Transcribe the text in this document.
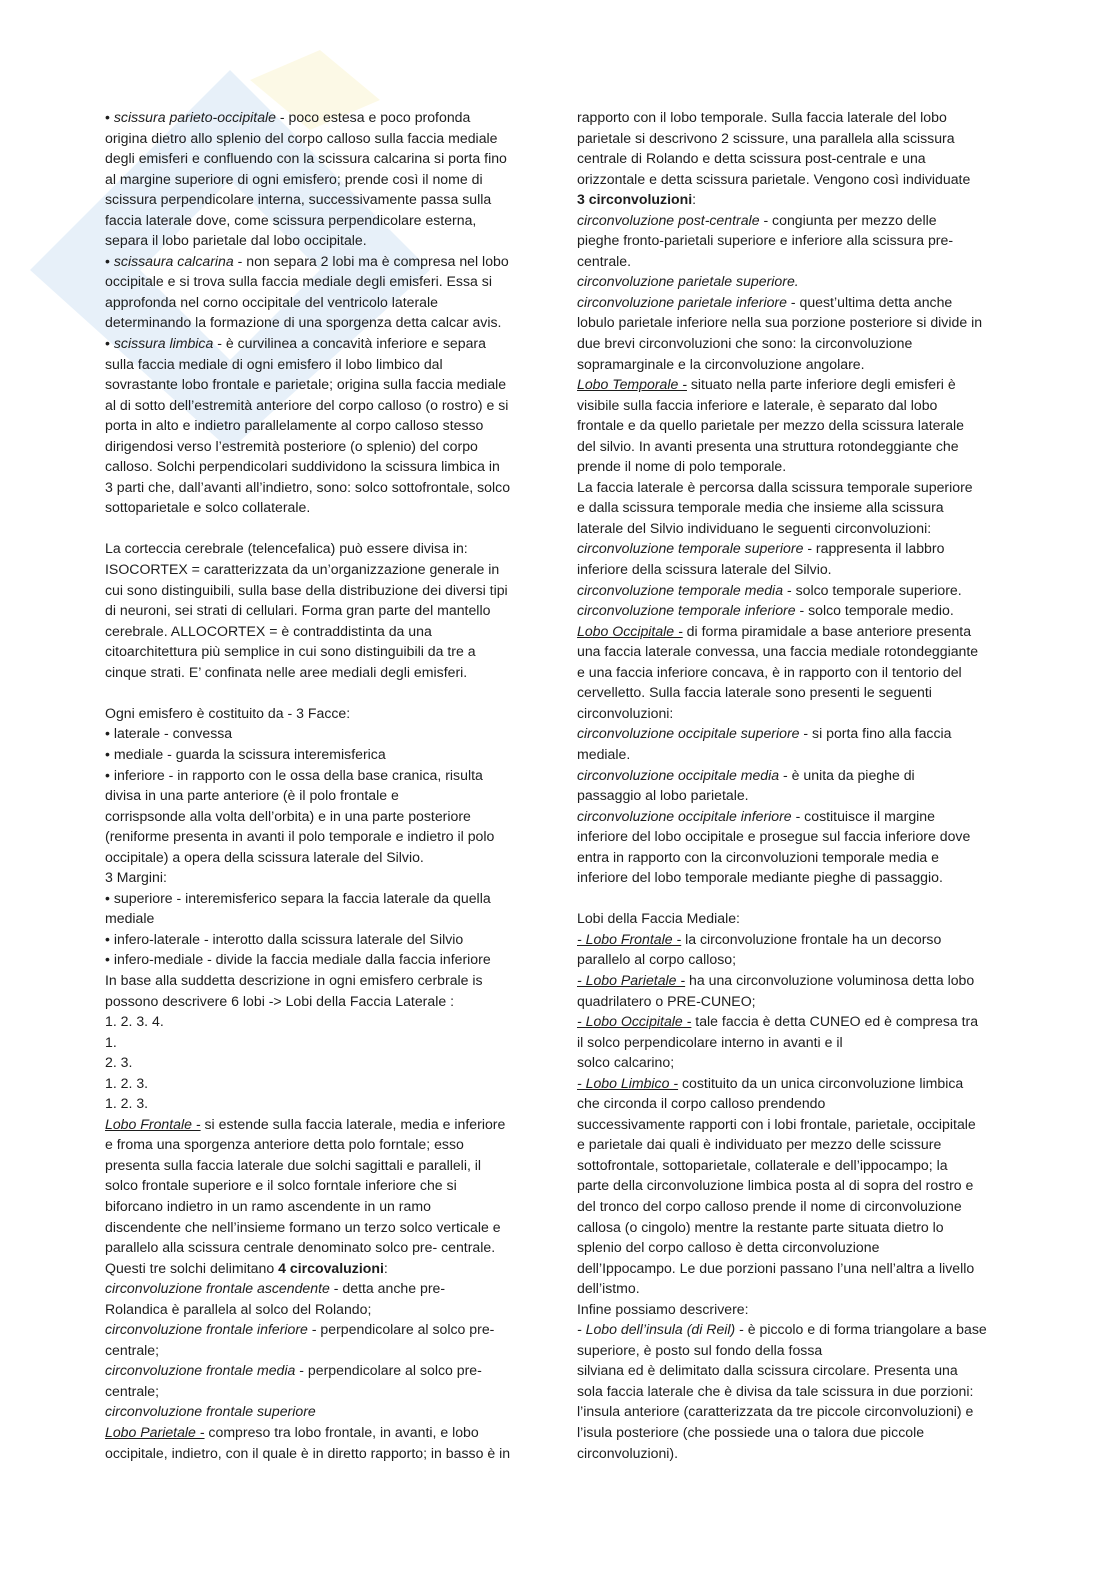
• scissura parieto-occipitale - poco estesa e poco profonda
origina dietro allo splenio del corpo calloso sulla faccia mediale
degli emisferi e confluendo con la scissura calcarina si porta fino
al margine superiore di ogni emisfero; prende così il nome di
scissura perpendicolare interna, successivamente passa sulla
faccia laterale dove, come scissura perpendicolare esterna,
separa il lobo parietale dal lobo occipitale.
• scissaura calcarina - non separa 2 lobi ma è compresa nel lobo
occipitale e si trova sulla faccia mediale degli emisferi. Essa si
approfonda nel corno occipitale del ventricolo laterale
determinando la formazione di una sporgenza detta calcar avis.
• scissura limbica - è curvilinea a concavità inferiore e separa
sulla faccia mediale di ogni emisfero il lobo limbico dal
sovrastante lobo frontale e parietale; origina sulla faccia mediale
al di sotto dell’estremità anteriore del corpo calloso (o rostro) e si
porta in alto e indietro parallelamente al corpo calloso stesso
dirigendosi verso l’estremità posteriore (o splenio) del corpo
calloso. Solchi perpendicolari suddividono la scissura limbica in
3 parti che, dall’avanti all’indietro, sono: solco sottofrontale, solco
sottoparietale e solco collaterale.
La corteccia cerebrale (telencefalica) può essere divisa in:
ISOCORTEX = caratterizzata da un’organizzazione generale in
cui sono distinguibili, sulla base della distribuzione dei diversi tipi
di neuroni, sei strati di cellulari. Forma gran parte del mantello
cerebrale. ALLOCORTEX = è contraddistinta da una
citoarchitettura più semplice in cui sono distinguibili da tre a
cinque strati. E’ confinata nelle aree mediali degli emisferi.
Ogni emisfero è costituito da - 3 Facce:
• laterale - convessa
• mediale - guarda la scissura interemisferica
• inferiore - in rapporto con le ossa della base cranica, risulta
divisa in una parte anteriore (è il polo frontale e
corrispsonde alla volta dell’orbita) e in una parte posteriore
(reniforme presenta in avanti il polo temporale e indietro il polo
occipitale) a opera della scissura laterale del Silvio.
3 Margini:
• superiore - interemisferico separa la faccia laterale da quella
mediale
• infero-laterale - interotto dalla scissura laterale del Silvio
• infero-mediale - divide la faccia mediale dalla faccia inferiore
In base alla suddetta descrizione in ogni emisfero cerbrale is
possono descrivere 6 lobi -> Lobi della Faccia Laterale :
1. 2. 3. 4.
1.
2. 3.
1. 2. 3.
1. 2. 3.
Lobo Frontale - si estende sulla faccia laterale, media e inferiore
e froma una sporgenza anteriore detta polo forntale; esso
presenta sulla faccia laterale due solchi sagittali e paralleli, il
solco frontale superiore e il solco forntale inferiore che si
biforcano indietro in un ramo ascendente in un ramo
discendente che nell’insieme formano un terzo solco verticale e
parallelo alla scissura centrale denominato solco pre- centrale.
Questi tre solchi delimitano 4 circovaluzioni:
circonvoluzione frontale ascendente - detta anche pre-
Rolandica è parallela al solco del Rolando;
circonvoluzione frontale inferiore - perpendicolare al solco pre-
centrale;
circonvoluzione frontale media - perpendicolare al solco pre-
centrale;
circonvoluzione frontale superiore
Lobo Parietale - compreso tra lobo frontale, in avanti, e lobo
occipitale, indietro, con il quale è in diretto rapporto; in basso è in
rapporto con il lobo temporale. Sulla faccia laterale del lobo
parietale si descrivono 2 scissure, una parallela alla scissura
centrale di Rolando e detta scissura post-centrale e una
orizzontale e detta scissura parietale. Vengono così individuate
3 circonvoluzioni:
circonvoluzione post-centrale - congiunta per mezzo delle
pieghe fronto-parietali superiore e inferiore alla scissura pre-
centrale.
circonvoluzione parietale superiore.
circonvoluzione parietale inferiore - quest’ultima detta anche
lobulo parietale inferiore nella sua porzione posteriore si divide in
due brevi circonvoluzioni che sono: la circonvoluzione
sopramarginale e la circonvoluzione angolare.
Lobo Temporale - situato nella parte inferiore degli emisferi è
visibile sulla faccia inferiore e laterale, è separato dal lobo
frontale e da quello parietale per mezzo della scissura laterale
del silvio. In avanti presenta una struttura rotondeggiante che
prende il nome di polo temporale.
La faccia laterale è percorsa dalla scissura temporale superiore
e dalla scissura temporale media che insieme alla scissura
laterale del Silvio individuano le seguenti circonvoluzioni:
circonvoluzione temporale superiore - rappresenta il labbro
inferiore della scissura laterale del Silvio.
circonvoluzione temporale media - solco temporale superiore.
circonvoluzione temporale inferiore - solco temporale medio.
Lobo Occipitale - di forma piramidale a base anteriore presenta
una faccia laterale convessa, una faccia mediale rotondeggiante
e una faccia inferiore concava, è in rapporto con il tentorio del
cervelletto. Sulla faccia laterale sono presenti le seguenti
circonvoluzioni:
circonvoluzione occipitale superiore - si porta fino alla faccia
mediale.
circonvoluzione occipitale media - è unita da pieghe di
passaggio al lobo parietale.
circonvoluzione occipitale inferiore - costituisce il margine
inferiore del lobo occipitale e prosegue sul faccia inferiore dove
entra in rapporto con la circonvoluzioni temporale media e
inferiore del lobo temporale mediante pieghe di passaggio.
Lobi della Faccia Mediale:
- Lobo Frontale - la circonvoluzione frontale ha un decorso
parallelo al corpo calloso;
- Lobo Parietale - ha una circonvoluzione voluminosa detta lobo
quadrilatero o PRE-CUNEO;
- Lobo Occipitale - tale faccia è detta CUNEO ed è compresa tra
il solco perpendicolare interno in avanti e il
solco calcarino;
- Lobo Limbico - costituito da un unica circonvoluzione limbica
che circonda il corpo calloso prendendo
successivamente rapporti con i lobi frontale, parietale, occipitale
e parietale dai quali è individuato per mezzo delle scissure
sottofrontale, sottoparietale, collaterale e dell’ippocampo; la
parte della circonvoluzione limbica posta al di sopra del rostro e
del tronco del corpo calloso prende il nome di circonvoluzione
callosa (o cingolo) mentre la restante parte situata dietro lo
splenio del corpo calloso è detta circonvoluzione
dell’Ippocampo. Le due porzioni passano l’una nell’altra a livello
dell’istmo.
Infine possiamo descrivere:
- Lobo dell’insula (di Reil) - è piccolo e di forma triangolare a base
superiore, è posto sul fondo della fossa
silviana ed è delimitato dalla scissura circolare. Presenta una
sola faccia laterale che è divisa da tale scissura in due porzioni:
l’insula anteriore (caratterizzata da tre piccole circonvoluzioni) e
l’isula posteriore (che possiede una o talora due piccole
circonvoluzioni).
